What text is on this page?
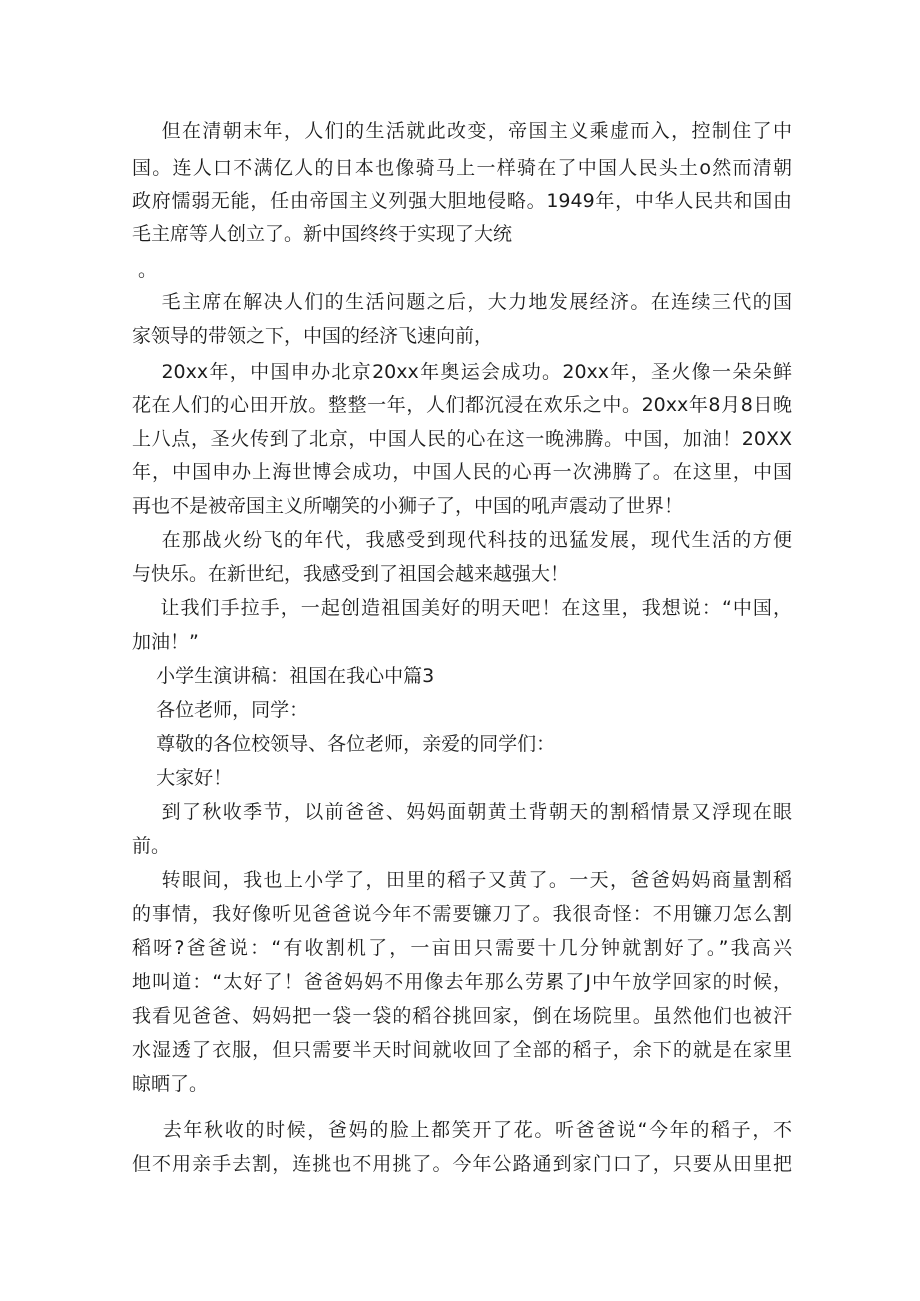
但在清朝末年，人们的生活就此改变，帝国主义乘虚而入，控制住了中
国。连人口不满亿人的日本也像骑马上一样骑在了中国人民头土o然而清朝
政府懦弱无能，任由帝国主义列强大胆地侵略。1949年，中华人民共和国由
毛主席等人创立了。新中国终终于实现了大统
。
毛主席在解决人们的生活问题之后，大力地发展经济。在连续三代的国
家领导的带领之下，中国的经济飞速向前，
20xx年，中国申办北京20xx年奥运会成功。20xx年，圣火像一朵朵鲜
花在人们的心田开放。整整一年，人们都沉浸在欢乐之中。20xx年8月8日晚
上八点，圣火传到了北京，中国人民的心在这一晚沸腾。中国，加油！20XX
年，中国申办上海世博会成功，中国人民的心再一次沸腾了。在这里，中国
再也不是被帝国主义所嘲笑的小狮子了，中国的吼声震动了世界！
在那战火纷飞的年代，我感受到现代科技的迅猛发展，现代生活的方便
与快乐。在新世纪，我感受到了祖国会越来越强大！
让我们手拉手，一起创造祖国美好的明天吧！在这里，我想说：“中国，
加油！”
小学生演讲稿：祖国在我心中篇3
各位老师，同学：
尊敬的各位校领导、各位老师，亲爱的同学们：
大家好！
到了秋收季节，以前爸爸、妈妈面朝黄土背朝天的割稻情景又浮现在眼
前。
转眼间，我也上小学了，田里的稻子又黄了。一天，爸爸妈妈商量割稻
的事情，我好像听见爸爸说今年不需要镰刀了。我很奇怪：不用镰刀怎么割
稻呀?爸爸说：“有收割机了，一亩田只需要十几分钟就割好了。”我高兴
地叫道：“太好了！爸爸妈妈不用像去年那么劳累了J中午放学回家的时候，
我看见爸爸、妈妈把一袋一袋的稻谷挑回家，倒在场院里。虽然他们也被汗
水湿透了衣服，但只需要半天时间就收回了全部的稻子，余下的就是在家里
晾晒了。
去年秋收的时候，爸妈的脸上都笑开了花。听爸爸说“今年的稻子，不
但不用亲手去割，连挑也不用挑了。今年公路通到家门口了，只要从田里把
